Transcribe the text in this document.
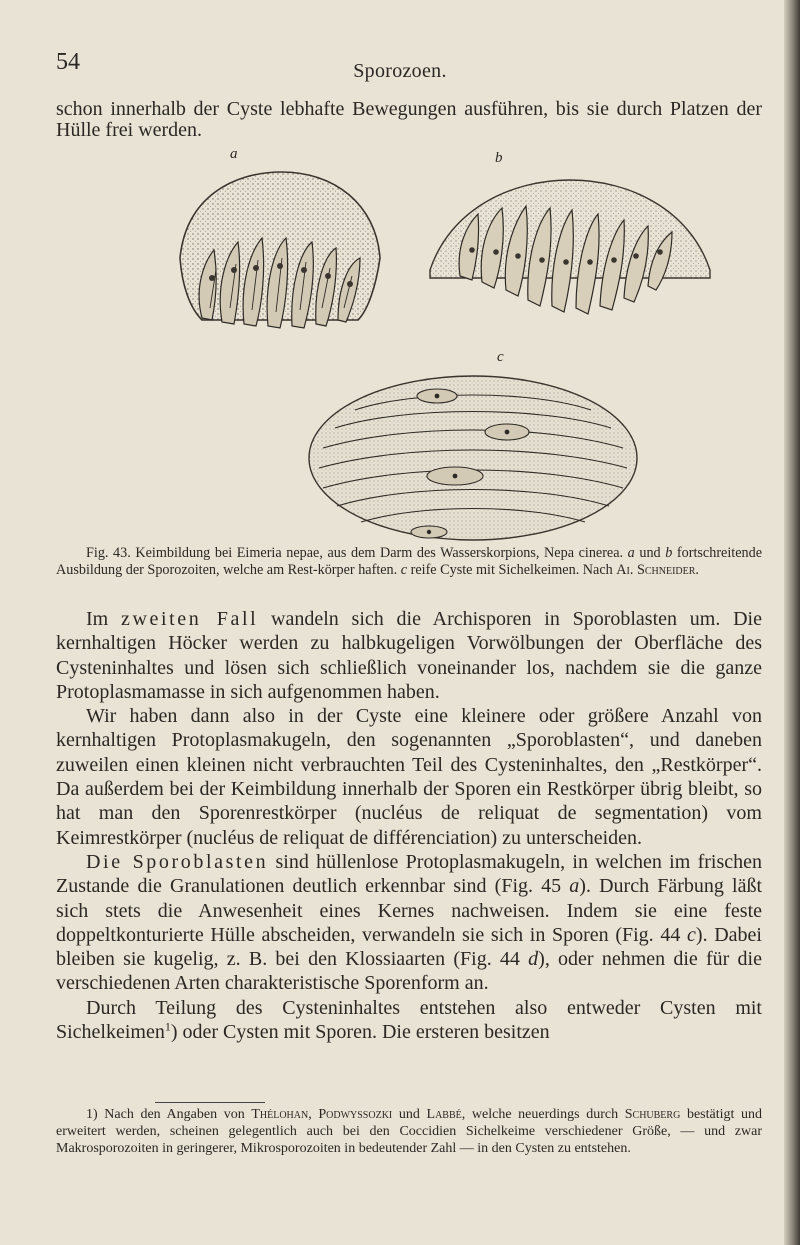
54	Sporozoen.
schon innerhalb der Cyste lebhafte Bewegungen ausführen, bis sie durch Platzen der Hülle frei werden.
a	b
c
Fig. 43. Keimbildung bei Eimeria nepae, aus dem Darm des Wasserskorpions, Nepa cinerea. a und b fortschreitende Ausbildung der Sporozoiten, welche am Rest-körper haften. c reife Cyste mit Sichelkeimen. Nach Ai. Schneider.

Im zweiten Fall wandeln sich die Archisporen in Sporoblasten um. Die kernhaltigen Höcker werden zu halbkugeligen Vorwölbungen der Oberfläche des Cysteninhaltes und lösen sich schließlich voneinander los, nachdem sie die ganze Protoplasmamasse in sich aufgenommen haben.

Wir haben dann also in der Cyste eine kleinere oder größere Anzahl von kernhaltigen Protoplasmakugeln, den sogenannten „Sporoblasten“, und daneben zuweilen einen kleinen nicht verbrauchten Teil des Cysteninhaltes, den „Restkörper“. Da außerdem bei der Keimbildung innerhalb der Sporen ein Restkörper übrig bleibt, so hat man den Sporenrestkörper (nucléus de reliquat de segmentation) vom Keimrestkörper (nucléus de reliquat de différenciation) zu unterscheiden.

Die Sporoblasten sind hüllenlose Protoplasmakugeln, in welchen im frischen Zustande die Granulationen deutlich erkennbar sind (Fig. 45 a). Durch Färbung läßt sich stets die Anwesenheit eines Kernes nachweisen. Indem sie eine feste doppeltkonturierte Hülle abscheiden, verwandeln sie sich in Sporen (Fig. 44 c). Dabei bleiben sie kugelig, z. B. bei den Klossiaarten (Fig. 44 d), oder nehmen die für die verschiedenen Arten charakteristische Sporenform an.

Durch Teilung des Cysteninhaltes entstehen also entweder Cysten mit Sichelkeimen$^1$) oder Cysten mit Sporen. Die ersteren besitzen

1) Nach den Angaben von Thélohan, Podwyssozki und Labbé, welche neuerdings durch Schuberg bestätigt und erweitert werden, scheinen gelegentlich auch bei den Coccidien Sichelkeime verschiedener Größe, — und zwar Makrosporozoiten in geringerer, Mikrosporozoiten in bedeutender Zahl — in den Cysten zu entstehen.
